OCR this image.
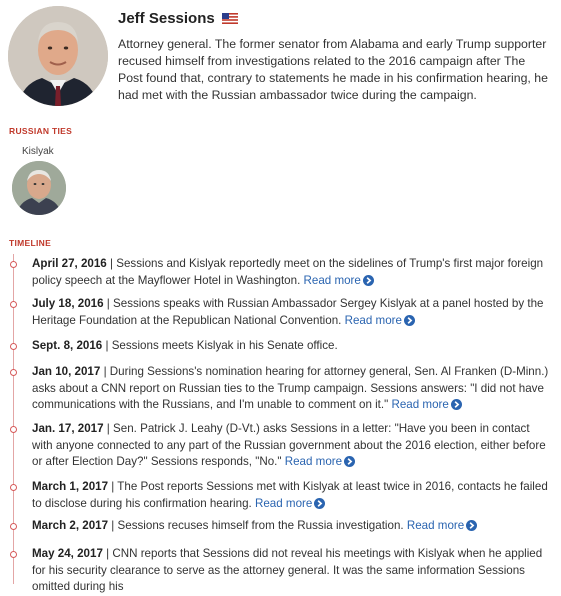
Jeff Sessions
Attorney general. The former senator from Alabama and early Trump supporter recused himself from investigations related to the 2016 campaign after The Post found that, contrary to statements he made in his confirmation hearing, he had met with the Russian ambassador twice during the campaign.
RUSSIAN TIES
Kislyak
TIMELINE
April 27, 2016 | Sessions and Kislyak reportedly meet on the sidelines of Trump's first major foreign policy speech at the Mayflower Hotel in Washington. Read more
July 18, 2016 | Sessions speaks with Russian Ambassador Sergey Kislyak at a panel hosted by the Heritage Foundation at the Republican National Convention. Read more
Sept. 8, 2016 | Sessions meets Kislyak in his Senate office.
Jan 10, 2017 | During Sessions's nomination hearing for attorney general, Sen. Al Franken (D-Minn.) asks about a CNN report on Russian ties to the Trump campaign. Sessions answers: "I did not have communications with the Russians, and I'm unable to comment on it." Read more
Jan. 17, 2017 | Sen. Patrick J. Leahy (D-Vt.) asks Sessions in a letter: "Have you been in contact with anyone connected to any part of the Russian government about the 2016 election, either before or after Election Day?" Sessions responds, "No." Read more
March 1, 2017 | The Post reports Sessions met with Kislyak at least twice in 2016, contacts he failed to disclose during his confirmation hearing. Read more
March 2, 2017 | Sessions recuses himself from the Russia investigation. Read more
May 24, 2017 | CNN reports that Sessions did not reveal his meetings with Kislyak when he applied for his security clearance to serve as the attorney general. It was the same information Sessions omitted during his
